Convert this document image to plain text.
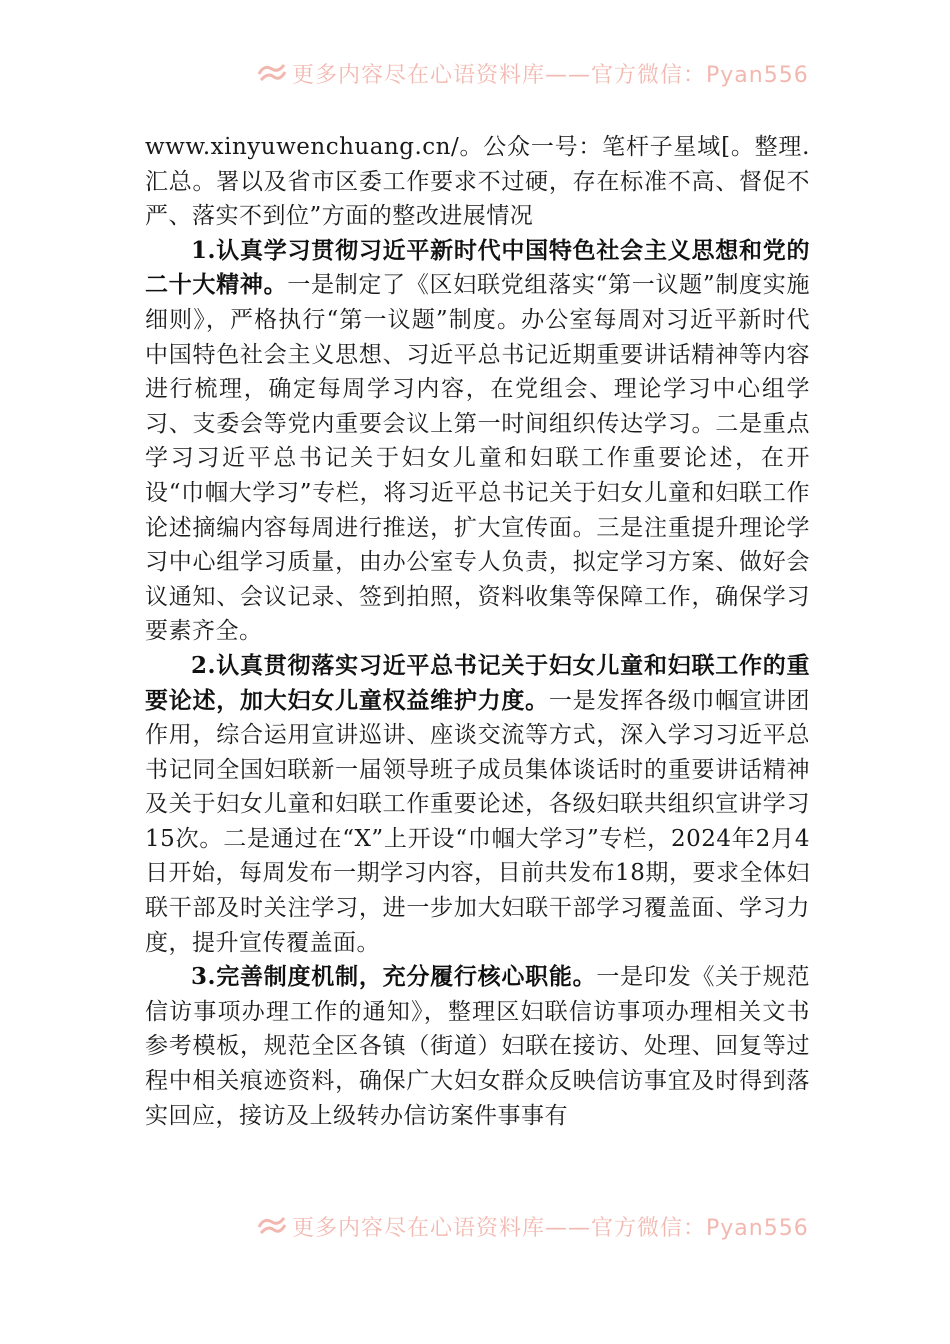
更多内容尽在心语资料库——官方微信：Pyan556

www.xinyuwenchuang.cn/。公众一号：笔杆子星域[。整理.汇总。署以及省市区委工作要求不过硬，存在标准不高、督促不严、落实不到位”方面的整改进展情况

1.认真学习贯彻习近平新时代中国特色社会主义思想和党的二十大精神。一是制定了《区妇联党组落实“第一议题”制度实施细则》，严格执行“第一议题”制度。办公室每周对习近平新时代中国特色社会主义思想、习近平总书记近期重要讲话精神等内容进行梳理，确定每周学习内容，在党组会、理论学习中心组学习、支委会等党内重要会议上第一时间组织传达学习。二是重点学习习近平总书记关于妇女儿童和妇联工作重要论述，在开设“巾帼大学习”专栏，将习近平总书记关于妇女儿童和妇联工作论述摘编内容每周进行推送，扩大宣传面。三是注重提升理论学习中心组学习质量，由办公室专人负责，拟定学习方案、做好会议通知、会议记录、签到拍照，资料收集等保障工作，确保学习要素齐全。

2.认真贯彻落实习近平总书记关于妇女儿童和妇联工作的重要论述，加大妇女儿童权益维护力度。一是发挥各级巾帼宣讲团作用，综合运用宣讲巡讲、座谈交流等方式，深入学习习近平总书记同全国妇联新一届领导班子成员集体谈话时的重要讲话精神及关于妇女儿童和妇联工作重要论述，各级妇联共组织宣讲学习15次。二是通过在“X”上开设“巾帼大学习”专栏，2024年2月4日开始，每周发布一期学习内容，目前共发布18期，要求全体妇联干部及时关注学习，进一步加大妇联干部学习覆盖面、学习力度，提升宣传覆盖面。

3.完善制度机制，充分履行核心职能。一是印发《关于规范信访事项办理工作的通知》，整理区妇联信访事项办理相关文书参考模板，规范全区各镇（街道）妇联在接访、处理、回复等过程中相关痕迹资料，确保广大妇女群众反映信访事宜及时得到落实回应，接访及上级转办信访案件事事有

更多内容尽在心语资料库——官方微信：Pyan556
